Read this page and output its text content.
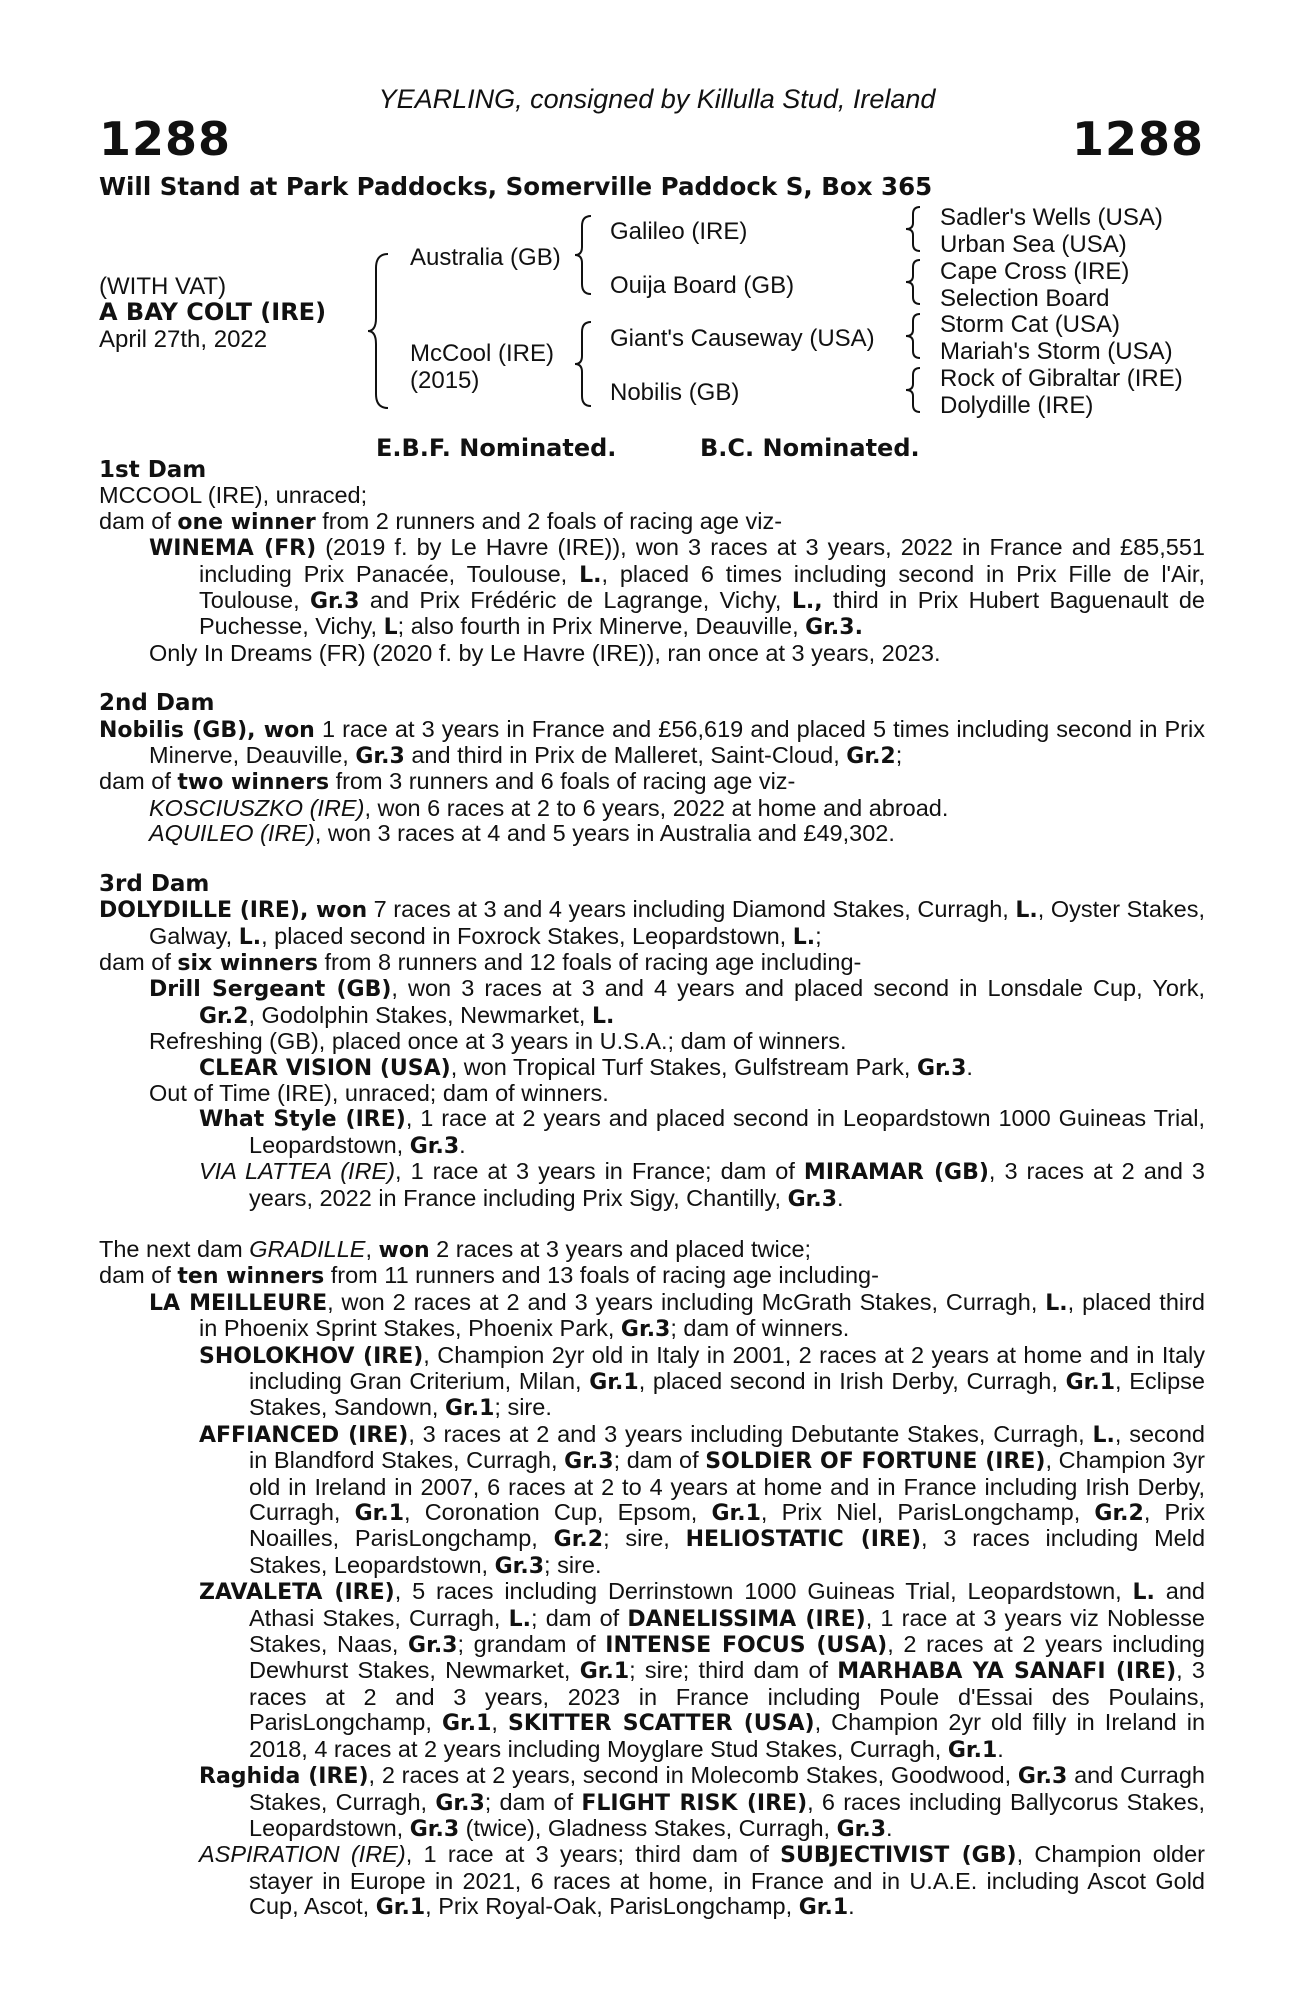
YEARLING, consigned by Killulla Stud, Ireland
1288	1288
Will Stand at Park Paddocks, Somerville Paddock S, Box 365
(WITH VAT)
A BAY COLT (IRE)
April 27th, 2022
Australia (GB)
McCool (IRE)
(2015)
Galileo (IRE)
Ouija Board (GB)
Giant's Causeway (USA)
Nobilis (GB)
Sadler's Wells (USA)
Urban Sea (USA)
Cape Cross (IRE)
Selection Board
Storm Cat (USA)
Mariah's Storm (USA)
Rock of Gibraltar (IRE)
Dolydille (IRE)
E.B.F. Nominated.	B.C. Nominated.
1st Dam

MCCOOL (IRE), unraced;

dam of one winner from 2 runners and 2 foals of racing age viz-

WINEMA (FR) (2019 f. by Le Havre (IRE)), won 3 races at 3 years, 2022 in France and £85,551 including Prix Panacée, Toulouse, L., placed 6 times including second in Prix Fille de l'Air, Toulouse, Gr.3 and Prix Frédéric de Lagrange, Vichy, L., third in Prix Hubert Baguenault de Puchesse, Vichy, L; also fourth in Prix Minerve, Deauville, Gr.3.

Only In Dreams (FR) (2020 f. by Le Havre (IRE)), ran once at 3 years, 2023.

2nd Dam

Nobilis (GB), won 1 race at 3 years in France and £56,619 and placed 5 times including second in Prix Minerve, Deauville, Gr.3 and third in Prix de Malleret, Saint-Cloud, Gr.2;

dam of two winners from 3 runners and 6 foals of racing age viz-

KOSCIUSZKO (IRE), won 6 races at 2 to 6 years, 2022 at home and abroad.

AQUILEO (IRE), won 3 races at 4 and 5 years in Australia and £49,302.

3rd Dam

DOLYDILLE (IRE), won 7 races at 3 and 4 years including Diamond Stakes, Curragh, L., Oyster Stakes, Galway, L., placed second in Foxrock Stakes, Leopardstown, L.;

dam of six winners from 8 runners and 12 foals of racing age including-

Drill Sergeant (GB), won 3 races at 3 and 4 years and placed second in Lonsdale Cup, York, Gr.2, Godolphin Stakes, Newmarket, L.

Refreshing (GB), placed once at 3 years in U.S.A.; dam of winners.

CLEAR VISION (USA), won Tropical Turf Stakes, Gulfstream Park, Gr.3.

Out of Time (IRE), unraced; dam of winners.

What Style (IRE), 1 race at 2 years and placed second in Leopardstown 1000 Guineas Trial, Leopardstown, Gr.3.

VIA LATTEA (IRE), 1 race at 3 years in France; dam of MIRAMAR (GB), 3 races at 2 and 3 years, 2022 in France including Prix Sigy, Chantilly, Gr.3.

The next dam GRADILLE, won 2 races at 3 years and placed twice;

dam of ten winners from 11 runners and 13 foals of racing age including-

LA MEILLEURE, won 2 races at 2 and 3 years including McGrath Stakes, Curragh, L., placed third in Phoenix Sprint Stakes, Phoenix Park, Gr.3; dam of winners.

SHOLOKHOV (IRE), Champion 2yr old in Italy in 2001, 2 races at 2 years at home and in Italy including Gran Criterium, Milan, Gr.1, placed second in Irish Derby, Curragh, Gr.1, Eclipse Stakes, Sandown, Gr.1; sire.

AFFIANCED (IRE), 3 races at 2 and 3 years including Debutante Stakes, Curragh, L., second in Blandford Stakes, Curragh, Gr.3; dam of SOLDIER OF FORTUNE (IRE), Champion 3yr old in Ireland in 2007, 6 races at 2 to 4 years at home and in France including Irish Derby, Curragh, Gr.1, Coronation Cup, Epsom, Gr.1, Prix Niel, ParisLongchamp, Gr.2, Prix Noailles, ParisLongchamp, Gr.2; sire, HELIOSTATIC (IRE), 3 races including Meld Stakes, Leopardstown, Gr.3; sire.

ZAVALETA (IRE), 5 races including Derrinstown 1000 Guineas Trial, Leopardstown, L. and Athasi Stakes, Curragh, L.; dam of DANELISSIMA (IRE), 1 race at 3 years viz Noblesse Stakes, Naas, Gr.3; grandam of INTENSE FOCUS (USA), 2 races at 2 years including Dewhurst Stakes, Newmarket, Gr.1; sire; third dam of MARHABA YA SANAFI (IRE), 3 races at 2 and 3 years, 2023 in France including Poule d'Essai des Poulains, ParisLongchamp, Gr.1, SKITTER SCATTER (USA), Champion 2yr old filly in Ireland in 2018, 4 races at 2 years including Moyglare Stud Stakes, Curragh, Gr.1.

Raghida (IRE), 2 races at 2 years, second in Molecomb Stakes, Goodwood, Gr.3 and Curragh Stakes, Curragh, Gr.3; dam of FLIGHT RISK (IRE), 6 races including Ballycorus Stakes, Leopardstown, Gr.3 (twice), Gladness Stakes, Curragh, Gr.3.

ASPIRATION (IRE), 1 race at 3 years; third dam of SUBJECTIVIST (GB), Champion older stayer in Europe in 2021, 6 races at home, in France and in U.A.E. including Ascot Gold Cup, Ascot, Gr.1, Prix Royal-Oak, ParisLongchamp, Gr.1.
